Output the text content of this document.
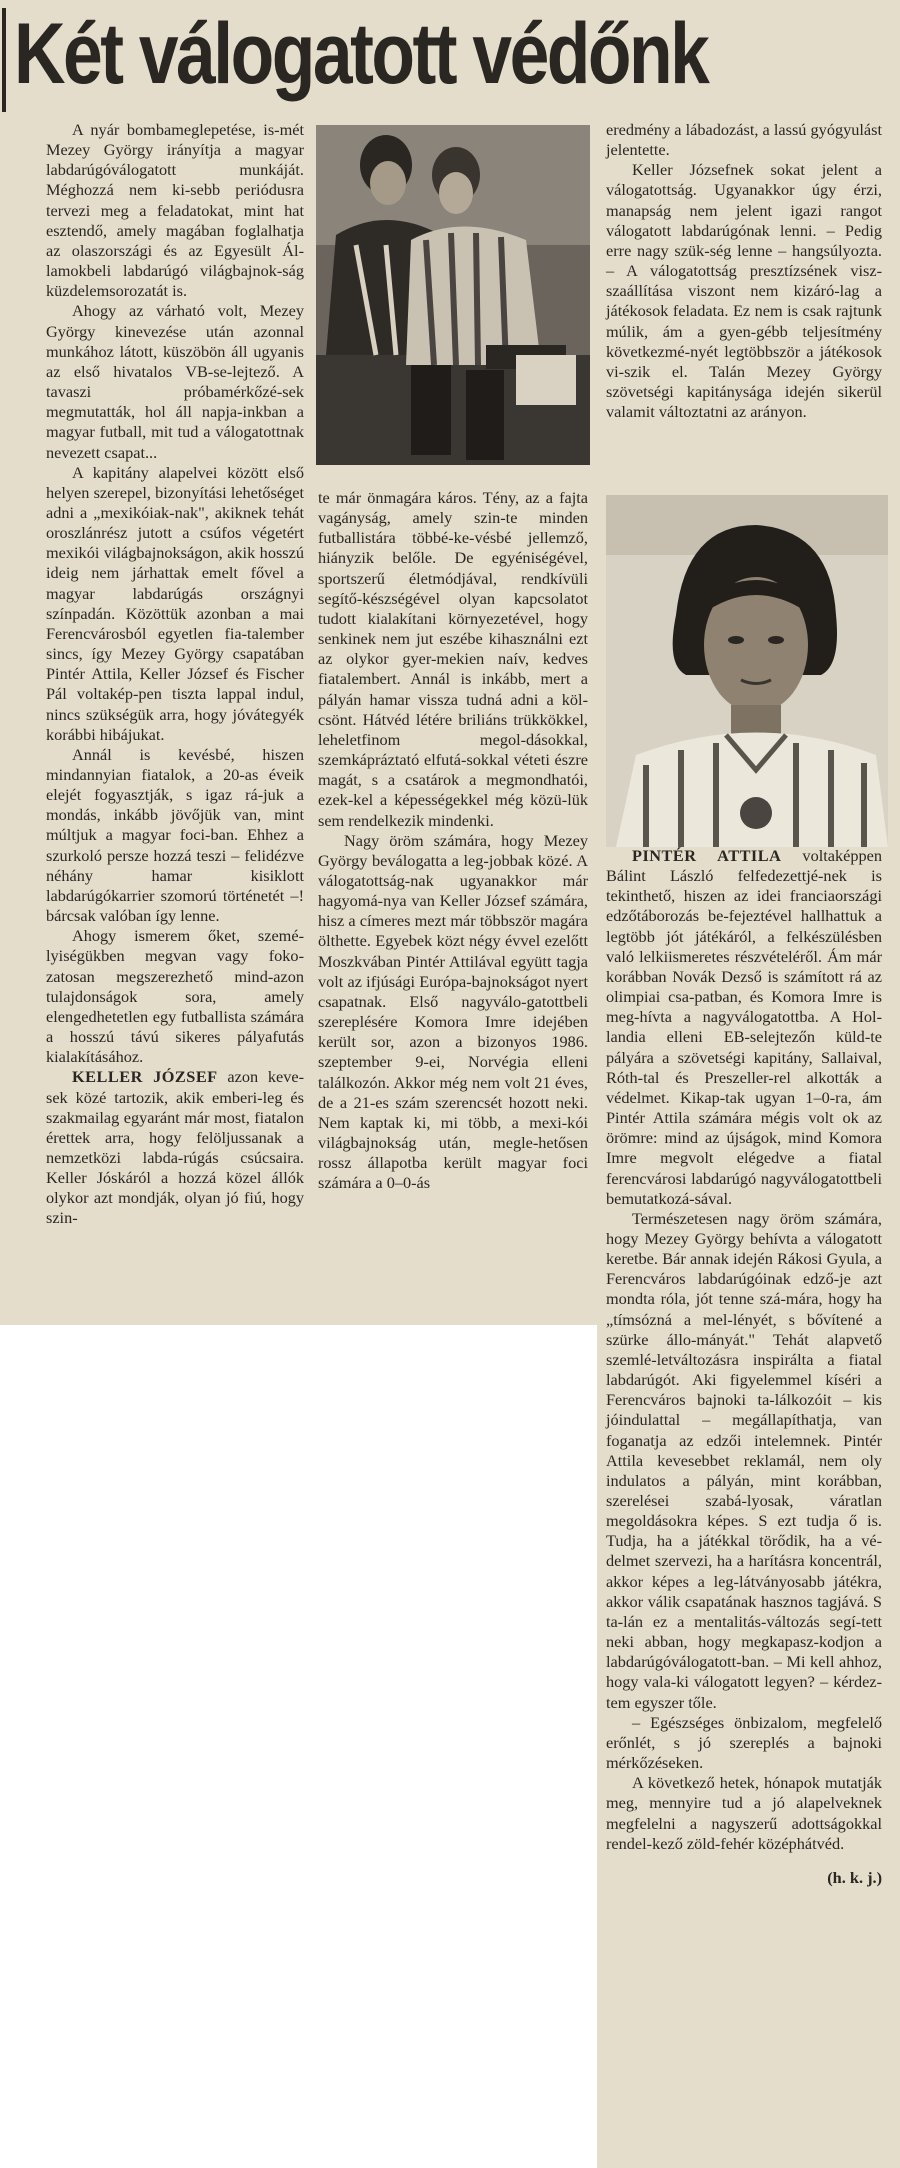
Két válogatott védőnk

A nyár bombameglepetése, is-mét Mezey György irányítja a magyar labdarúgóválogatott munkáját. Méghozzá nem ki-sebb periódusra tervezi meg a feladatokat, mint hat esztendő, amely magában foglalhatja az olaszországi és az Egyesült Ál-lamokbeli labdarúgó világbajnok-ság küzdelemsorozatát is.

Ahogy az várható volt, Mezey György kinevezése után azonnal munkához látott, küszöbön áll ugyanis az első hivatalos VB-se-lejtező. A tavaszi próbamérkőzé-sek megmutatták, hol áll napja-inkban a magyar futball, mit tud a válogatottnak nevezett csapat...

A kapitány alapelvei között első helyen szerepel, bizonyítási lehetőséget adni a „mexikóiak-nak", akiknek tehát oroszlánrész jutott a csúfos végetért mexikói világbajnokságon, akik hosszú ideig nem járhattak emelt fővel a magyar labdarúgás országnyi színpadán. Közöttük azonban a mai Ferencvárosból egyetlen fia-talember sincs, így Mezey György csapatában Pintér Attila, Keller József és Fischer Pál voltakép-pen tiszta lappal indul, nincs szükségük arra, hogy jóvátegyék korábbi hibájukat.

Annál is kevésbé, hiszen mindannyian fiatalok, a 20-as éveik elejét fogyasztják, s igaz rá-juk a mondás, inkább jövőjük van, mint múltjuk a magyar foci-ban. Ehhez a szurkoló persze hozzá teszi – felidézve néhány hamar kisiklott labdarúgókarrier szomorú történetét –! bárcsak valóban így lenne.

Ahogy ismerem őket, szemé-lyiségükben megvan vagy foko-zatosan megszerezhető mind-azon tulajdonságok sora, amely elengedhetetlen egy futballista számára a hosszú távú sikeres pályafutás kialakításához.

KELLER JÓZSEF azon keve-sek közé tartozik, akik emberi-leg és szakmailag egyaránt már most, fiatalon érettek arra, hogy felöljussanak a nemzetközi labda-rúgás csúcsaira. Keller Jóskáról a hozzá közel állók olykor azt mondják, olyan jó fiú, hogy szin-

te már önmagára káros. Tény, az a fajta vagányság, amely szin-te minden futballistára többé-ke-vésbé jellemző, hiányzik belőle. De egyéniségével, sportszerű életmódjával, rendkívüli segítő-készségével olyan kapcsolatot tudott kialakítani környezetével, hogy senkinek nem jut eszébe kihasználni ezt az olykor gyer-mekien naív, kedves fiatalembert. Annál is inkább, mert a pályán hamar vissza tudná adni a köl-csönt. Hátvéd létére briliáns trükkökkel, leheletfinom megol-dásokkal, szemkápráztató elfutá-sokkal véteti észre magát, s a csatárok a megmondhatói, ezek-kel a képességekkel még közü-lük sem rendelkezik mindenki.

Nagy öröm számára, hogy Mezey György beválogatta a leg-jobbak közé. A válogatottság-nak ugyanakkor már hagyomá-nya van Keller József számára, hisz a címeres mezt már többször magára ölthette. Egyebek közt négy évvel ezelőtt Moszkvában Pintér Attilával együtt tagja volt az ifjúsági Európa-bajnokságot nyert csapatnak. Első nagyválo-gatottbeli szereplésére Komora Imre idejében került sor, azon a bizonyos 1986. szeptember 9-ei, Norvégia elleni találkozón. Akkor még nem volt 21 éves, de a 21-es szám szerencsét hozott neki. Nem kaptak ki, mi több, a mexi-kói világbajnokság után, megle-hetősen rossz állapotba került magyar foci számára a 0–0-ás

eredmény a lábadozást, a lassú gyógyulást jelentette.

Keller Józsefnek sokat jelent a válogatottság. Ugyanakkor úgy érzi, manapság nem jelent igazi rangot válogatott labdarúgónak lenni. – Pedig erre nagy szük-ség lenne – hangsúlyozta. – A válogatottság presztízsének visz-szaállítása viszont nem kizáró-lag a játékosok feladata. Ez nem is csak rajtunk múlik, ám a gyen-gébb teljesítmény következmé-nyét legtöbbször a játékosok vi-szik el. Talán Mezey György szövetségi kapitánysága idején sikerül valamit változtatni az arányon.

PINTÉR ATTILA voltaképpen Bálint László felfedezettjé-nek is tekinthető, hiszen az idei franciaországi edzőtáborozás be-fejeztével hallhattuk a legtöbb jót játékáról, a felkészülésben való lelkiismeretes részvételéről. Ám már korábban Novák Dezső is számított rá az olimpiai csa-patban, és Komora Imre is meg-hívta a nagyválogatottba. A Hol-landia elleni EB-selejtezőn küld-te pályára a szövetségi kapitány, Sallaival, Róth-tal és Preszeller-rel alkották a védelmet. Kikap-tak ugyan 1–0-ra, ám Pintér Attila számára mégis volt ok az örömre: mind az újságok, mind Komora Imre megvolt elégedve a fiatal ferencvárosi labdarúgó nagyválogatottbeli bemutatkozá-sával.

Természetesen nagy öröm számára, hogy Mezey György behívta a válogatott keretbe. Bár annak idején Rákosi Gyula, a Ferencváros labdarúgóinak edző-je azt mondta róla, jót tenne szá-mára, hogy ha „tímsózná a mel-lényét, s bővítené a szürke állo-mányát." Tehát alapvető szemlé-letváltozásra inspirálta a fiatal labdarúgót. Aki figyelemmel kíséri a Ferencváros bajnoki ta-lálkozóit – kis jóindulattal – megállapíthatja, van foganatja az edzői intelemnek. Pintér Attila kevesebbet reklamál, nem oly indulatos a pályán, mint korábban, szerelései szabá-lyosak, váratlan megoldásokra képes. S ezt tudja ő is. Tudja, ha a játékkal törődik, ha a vé-delmet szervezi, ha a harításra koncentrál, akkor képes a leg-látványosabb játékra, akkor válik csapatának hasznos tagjává. S ta-lán ez a mentalitás-változás segí-tett neki abban, hogy megkapasz-kodjon a labdarúgóválogatott-ban. – Mi kell ahhoz, hogy vala-ki válogatott legyen? – kérdez-tem egyszer tőle.

– Egészséges önbizalom, megfelelő erőnlét, s jó szereplés a bajnoki mérkőzéseken.

A következő hetek, hónapok mutatják meg, mennyire tud a jó alapelveknek megfelelni a nagyszerű adottságokkal rendel-kező zöld-fehér középhátvéd.

(h. k. j.)
